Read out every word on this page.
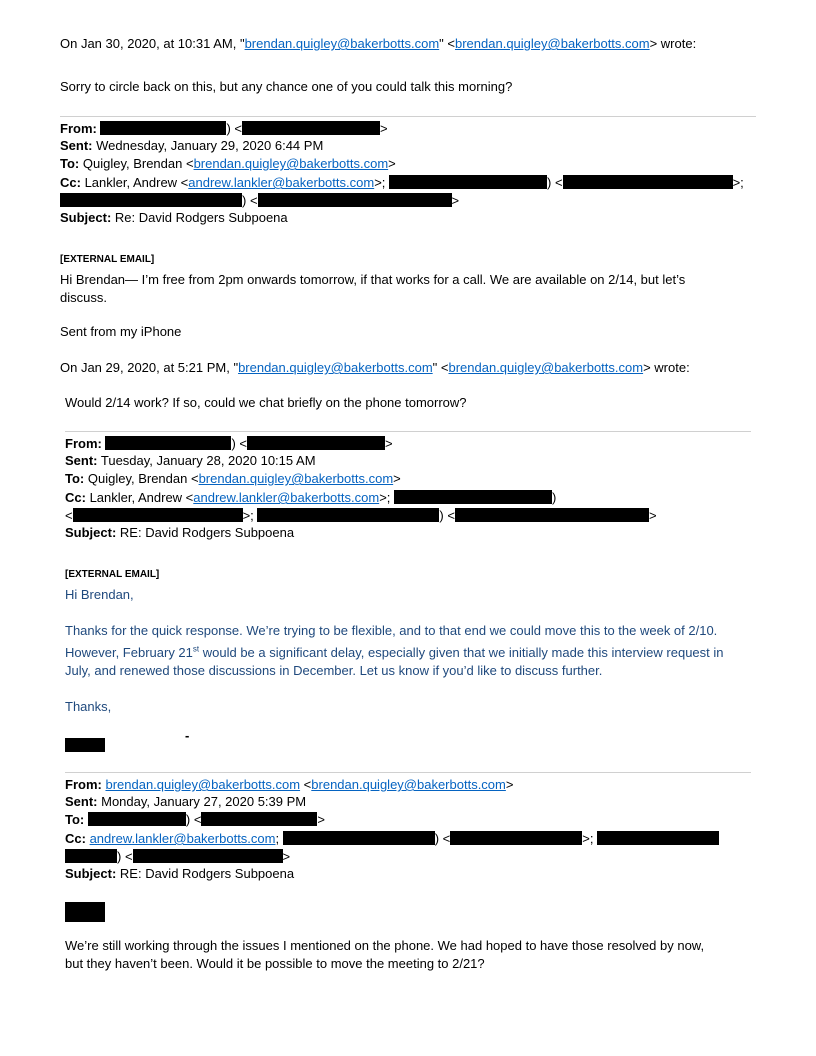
On Jan 30, 2020, at 10:31 AM, "brendan.quigley@bakerbotts.com" <brendan.quigley@bakerbotts.com> wrote:
Sorry to circle back on this, but any chance one of you could talk this morning?
From:	) <	>
Sent: Wednesday, January 29, 2020 6:44 PM
To: Quigley, Brendan <brendan.quigley@bakerbotts.com>
Cc: Lankler, Andrew <andrew.lankler@bakerbotts.com>;	) <	>;
) <	>
Subject: Re: David Rodgers Subpoena
[EXTERNAL EMAIL]
Hi Brendan— I’m free from 2pm onwards tomorrow, if that works for a call. We are available on 2/14, but let’s
discuss.
Sent from my iPhone
On Jan 29, 2020, at 5:21 PM, "brendan.quigley@bakerbotts.com" <brendan.quigley@bakerbotts.com> wrote:
Would 2/14 work? If so, could we chat briefly on the phone tomorrow?
From:	) <	>
Sent: Tuesday, January 28, 2020 10:15 AM
To: Quigley, Brendan <brendan.quigley@bakerbotts.com>
Cc: Lankler, Andrew <andrew.lankler@bakerbotts.com>;	)
<	>;	) <	>
Subject: RE: David Rodgers Subpoena
[EXTERNAL EMAIL]
Hi Brendan,
Thanks for the quick response. We’re trying to be flexible, and to that end we could move this to the week of 2/10.
However, February 21st would be a significant delay, especially given that we initially made this interview request in
July, and renewed those discussions in December. Let us know if you’d like to discuss further.
Thanks,
-
From: brendan.quigley@bakerbotts.com <brendan.quigley@bakerbotts.com>
Sent: Monday, January 27, 2020 5:39 PM
To:	) <	>
Cc: andrew.lankler@bakerbotts.com;	) <	>;
) <	>
Subject: RE: David Rodgers Subpoena
We’re still working through the issues I mentioned on the phone. We had hoped to have those resolved by now,
but they haven’t been. Would it be possible to move the meeting to 2/21?
